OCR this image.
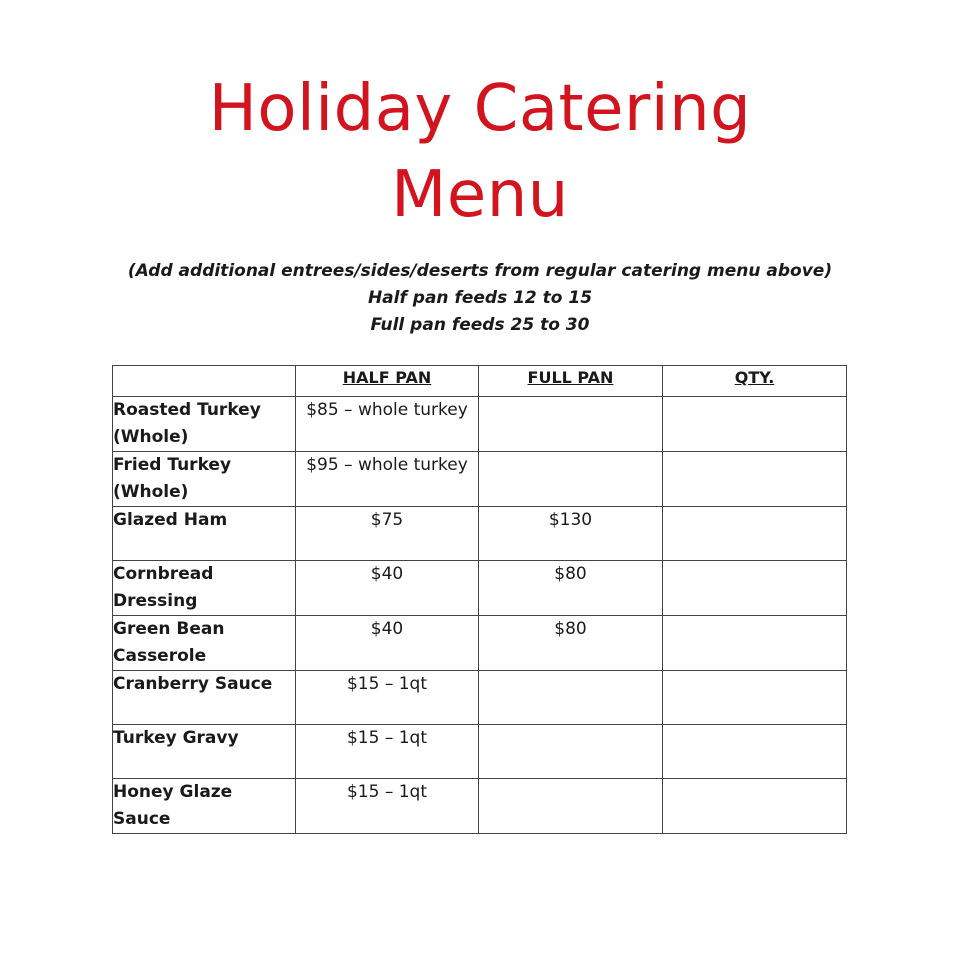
Holiday Catering
Menu
(Add additional entrees/sides/deserts from regular catering menu above)
Half pan feeds 12 to 15
Full pan feeds 25 to 30
	HALF PAN	FULL PAN	QTY.
Roasted Turkey (Whole)	$85 – whole turkey		
Fried Turkey (Whole)	$95 – whole turkey		
Glazed Ham	$75	$130	
Cornbread Dressing	$40	$80	
Green Bean Casserole	$40	$80	
Cranberry Sauce	$15 – 1qt		
Turkey Gravy	$15 – 1qt		
Honey Glaze Sauce	$15 – 1qt		
